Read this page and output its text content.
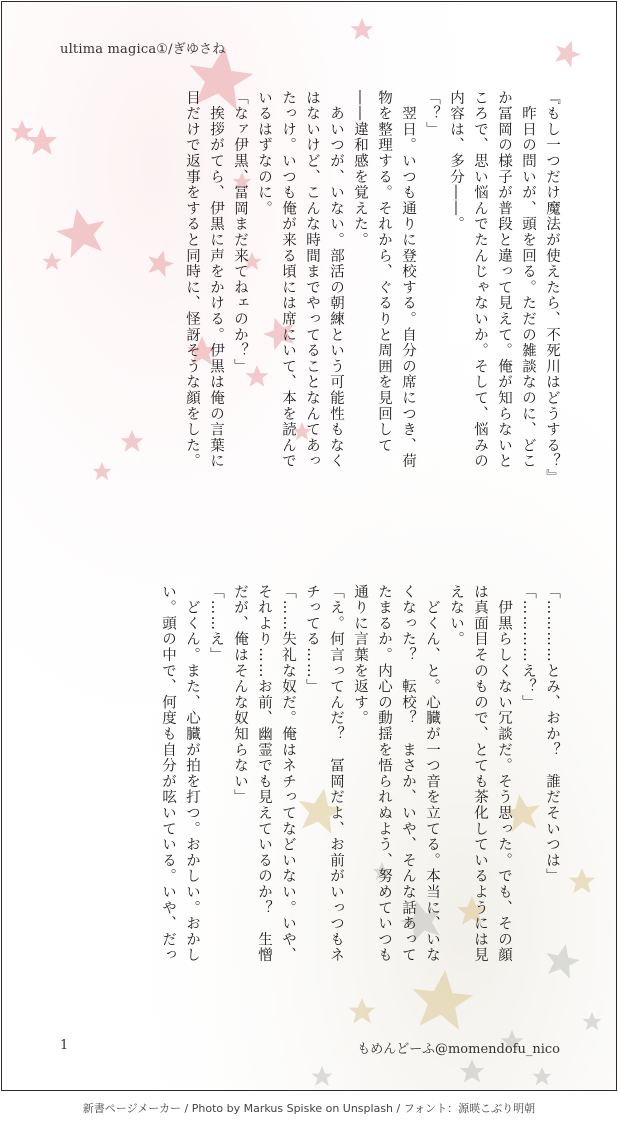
ultima magica①/ぎゆさね
『もし一つだけ魔法が使えたら、不死川はどうする？』
　昨日の問いが、頭を回る。ただの雑談なのに、どこ
か冨岡の様子が普段と違って見えて。俺が知らないと
ころで、思い悩んでたんじゃないか。そして、悩みの
内容は、多分――。
「？」
　翌日。いつも通りに登校する。自分の席につき、荷
物を整理する。それから、ぐるりと周囲を見回して
――違和感を覚えた。
　あいつが、いない。部活の朝練という可能性もなく
はないけど、こんな時間までやってることなんてあっ
たっけ。いつも俺が来る頃には席にいて、本を読んで
いるはずなのに。
「なァ伊黒、冨岡まだ来てねェのか？」
　挨拶がてら、伊黒に声をかける。伊黒は俺の言葉に
目だけで返事をすると同時に、怪訝そうな顔をした。
「…………とみ、おか？　誰だそいつは」
「…………え？」
　伊黒らしくない冗談だ。そう思った。でも、その顔
は真面目そのもので、とても茶化しているようには見
えない。
　どくん、と。心臓が一つ音を立てる。本当に、いな
くなった？　転校？　まさか、いや、そんな話あって
たまるか。内心の動揺を悟られぬよう、努めていつも
通りに言葉を返す。
「え。何言ってんだ？　冨岡だよ、お前がいっつもネ
チってる……」
「……失礼な奴だ。俺はネチってなどいない。いや、
それより……お前、幽霊でも見えているのか？　生憎
だが、俺はそんな奴知らない」
「……え」
　どくん。また、心臓が拍を打つ。おかしい。おかし
い。頭の中で、何度も自分が呟いている。いや、だっ
1	もめんどーふ@momendofu_nico
新書ページメーカー / Photo by Markus Spiske on Unsplash / フォント：源暎こぶり明朝
